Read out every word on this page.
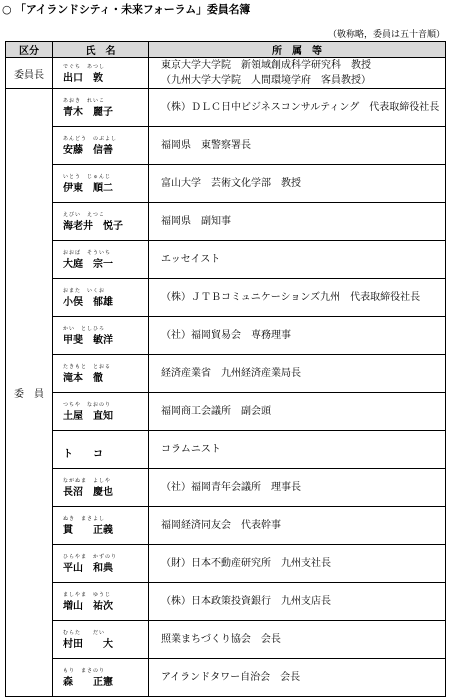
○ 「アイランドシティ・未来フォーラム」委員名簿
（敬称略，委員は五十音順）
区分	氏　名	所　属　等
委員長	でぐち　あつし
出口　敦	東京大学大学院　新領域創成科学研究科　教授
（九州大学大学院　人間環境学府　客員教授）

委　員	あおき　れいこ
青木　麗子	（株）ＤＬＣ日中ビジネスコンサルティング　代表取締役社長

	あんどう　のぶよし
安藤　信善	福岡県　東警察署長

	いとう　じゅんじ
伊東　順二	富山大学　芸術文化学部　教授

	えびい　えつこ
海老井　悦子	福岡県　副知事

	おおば　そういち
大庭　宗一	エッセイスト

	おまた　いくお
小俣　郁雄	（株）ＪＴＢコミュニケーションズ九州　代表取締役社長

	かい　としひろ
甲斐　敏洋	（社）福岡貿易会　専務理事

	たきもと　とおる
滝本　徹	経済産業省　九州経済産業局長

	つちや　なおのり
土屋　直知	福岡商工会議所　副会頭

ト　　コ	コラムニスト

	ながぬま　よしや
長沼　慶也	（社）福岡青年会議所　理事長

	ぬき　まさよし
貫　　正義	福岡経済同友会　代表幹事

	ひらやま　かずのり
平山　和典	（財）日本不動産研究所　九州支社長

	ましやま　ゆうじ
増山　祐次	（株）日本政策投資銀行　九州支店長

	むらた　　だい
村田　　大	照業まちづくり協会　会長

	もり　まさのり
森　　正憲	アイランドタワー自治会　会長
